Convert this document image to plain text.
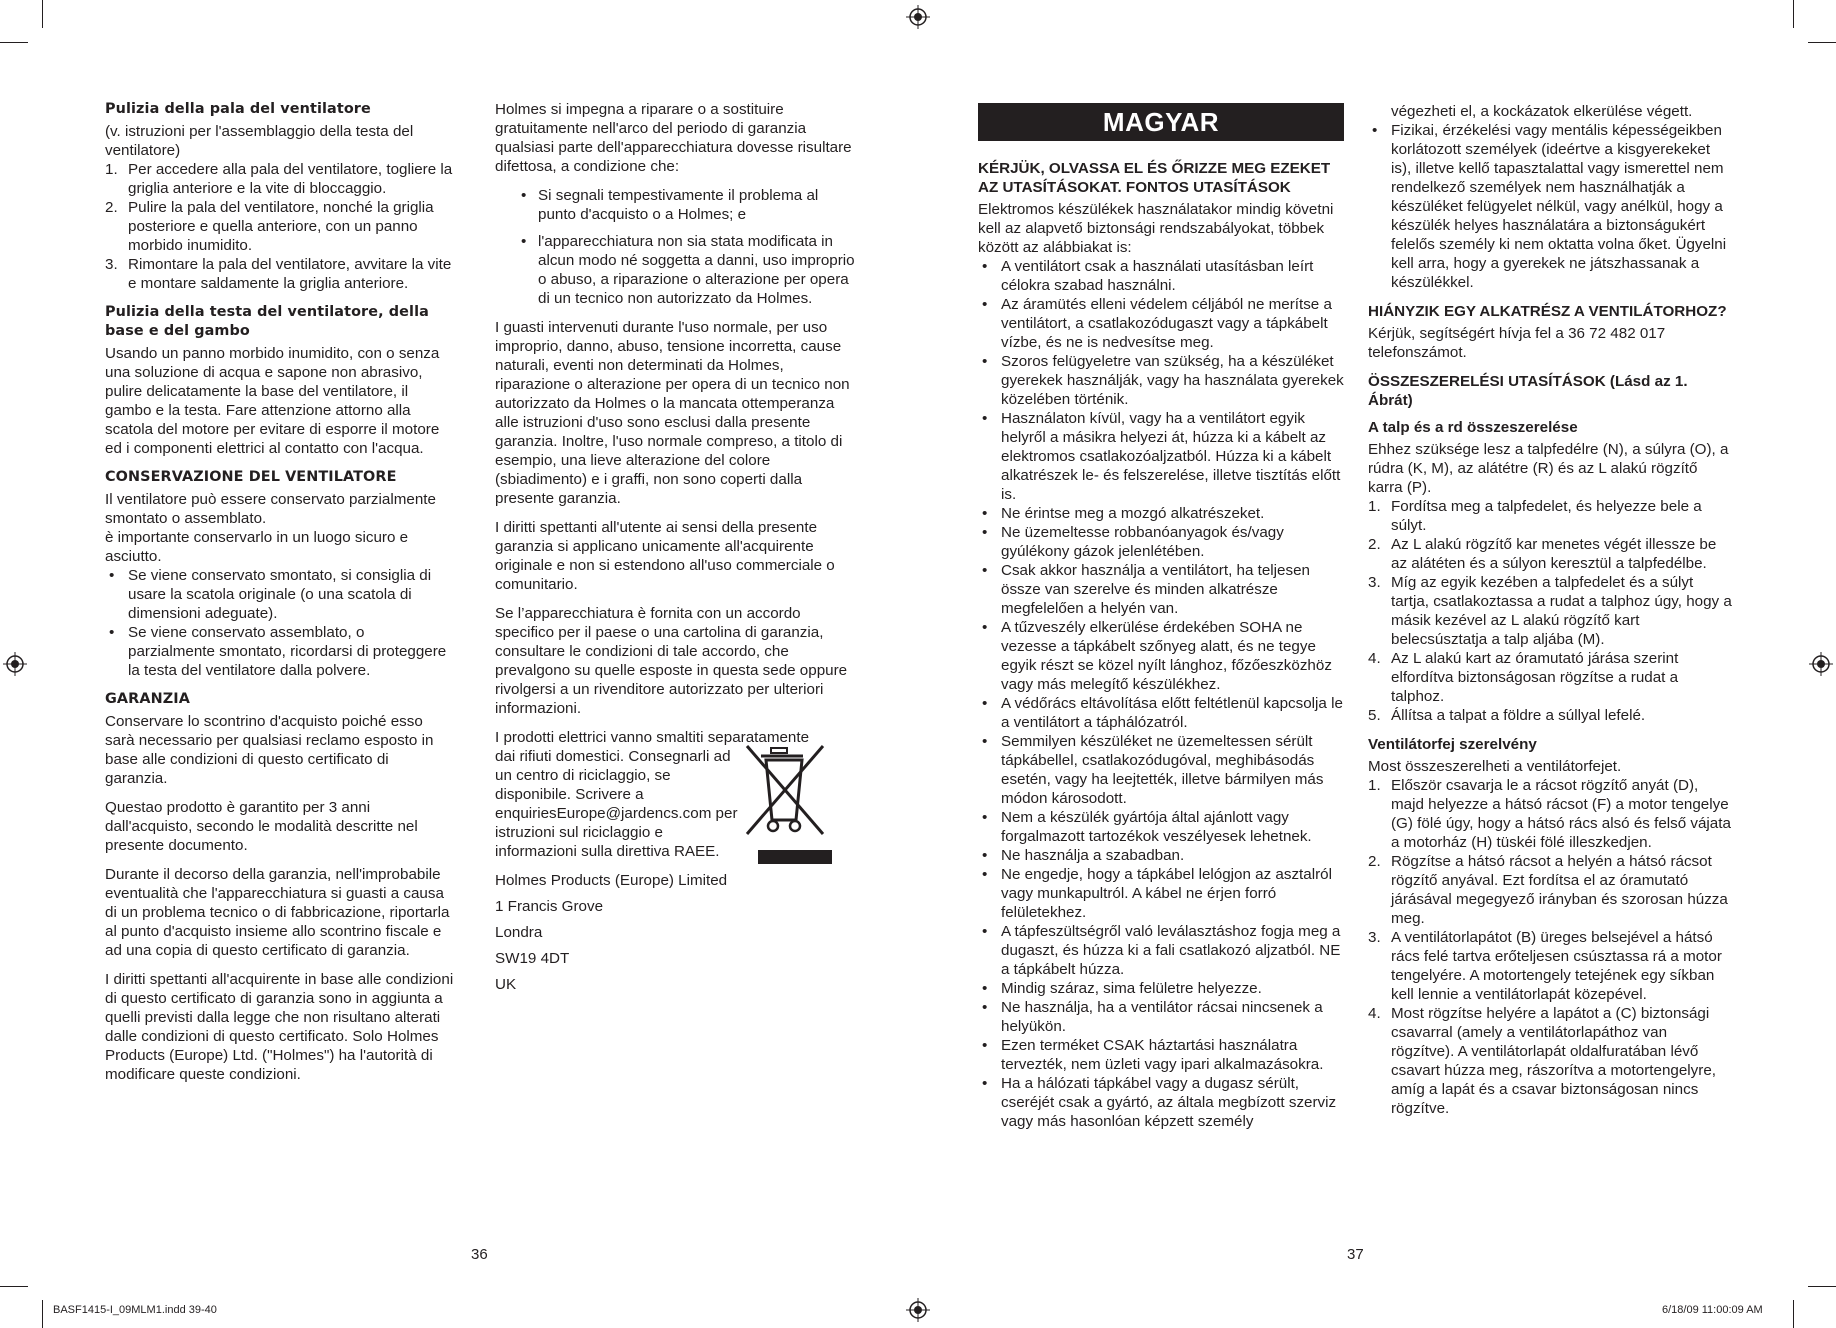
Pulizia della pala del ventilatore

(v. istruzioni per l'assemblaggio della testa del ventilatore)

1. Per accedere alla pala del ventilatore, togliere la griglia anteriore e la vite di bloccaggio.
2. Pulire la pala del ventilatore, nonché la griglia posteriore e quella anteriore, con un panno morbido inumidito.
3. Rimontare la pala del ventilatore, avvitare la vite e montare saldamente la griglia anteriore.
Pulizia della testa del ventilatore, della base e del gambo

Usando un panno morbido inumidito, con o senza una soluzione di acqua e sapone non abrasivo, pulire delicatamente la base del ventilatore, il gambo e la testa. Fare attenzione attorno alla scatola del motore per evitare di esporre il motore ed i componenti elettrici al contatto con l'acqua.

CONSERVAZIONE DEL VENTILATORE

Il ventilatore può essere conservato parzialmente smontato o assemblato.

è importante conservarlo in un luogo sicuro e asciutto.

• Se viene conservato smontato, si consiglia di usare la scatola originale (o una scatola di dimensioni adeguate).
• Se viene conservato assemblato, o parzialmente smontato, ricordarsi di proteggere la testa del ventilatore dalla polvere.
GARANZIA

Conservare lo scontrino d'acquisto poiché esso sarà necessario per qualsiasi reclamo esposto in base alle condizioni di questo certificato di garanzia.

Questao prodotto è garantito per 3 anni dall'acquisto, secondo le modalità descritte nel presente documento.

Durante il decorso della garanzia, nell'improbabile eventualità che l'apparecchiatura si guasti a causa di un problema tecnico o di fabbricazione, riportarla al punto d'acquisto insieme allo scontrino fiscale e ad una copia di questo certificato di garanzia.

I diritti spettanti all'acquirente in base alle condizioni di questo certificato di garanzia sono in aggiunta a quelli previsti dalla legge che non risultano alterati dalle condizioni di questo certificato. Solo Holmes Products (Europe) Ltd. ("Holmes") ha l'autorità di modificare queste condizioni.

Holmes si impegna a riparare o a sostituire gratuitamente nell'arco del periodo di garanzia qualsiasi parte dell'apparecchiatura dovesse risultare difettosa, a condizione che:

• Si segnali tempestivamente il problema al punto d'acquisto o a Holmes; e
• l'apparecchiatura non sia stata modificata in alcun modo né soggetta a danni, uso improprio o abuso, a riparazione o alterazione per opera di un tecnico non autorizzato da Holmes.

I guasti intervenuti durante l'uso normale, per uso improprio, danno, abuso, tensione incorretta, cause naturali, eventi non determinati da Holmes, riparazione o alterazione per opera di un tecnico non autorizzato da Holmes o la mancata ottemperanza alle istruzioni d'uso sono esclusi dalla presente garanzia. Inoltre, l'uso normale compreso, a titolo di esempio, una lieve alterazione del colore (sbiadimento) e i graffi, non sono coperti dalla presente garanzia.

I diritti spettanti all'utente ai sensi della presente garanzia si applicano unicamente all'acquirente originale e non si estendono all'uso commerciale o comunitario.

Se l’apparecchiatura è fornita con un accordo specifico per il paese o una cartolina di garanzia, consultare le condizioni di tale accordo, che prevalgono su quelle esposte in questa sede oppure rivolgersi a un rivenditore autorizzato per ulteriori informazioni.

I prodotti elettrici vanno smaltiti separatamente
dai rifiuti domestici. Consegnarli ad un centro di riciclaggio, se disponibile. Scrivere a enquiriesEurope@jardencs.com per istruzioni sul riciclaggio e informazioni sulla direttiva RAEE.

Holmes Products (Europe) Limited

1 Francis Grove

Londra

SW19 4DT

UK

MAGYAR
KÉRJÜK, OLVASSA EL ÉS ŐRIZZE MEG EZEKET AZ UTASÍTÁSOKAT. FONTOS UTASÍTÁSOK

Elektromos készülékek használatakor mindig követni kell az alapvető biztonsági rendszabályokat, többek között az alábbiakat is:

• A ventilátort csak a használati utasításban leírt célokra szabad használni.
• Az áramütés elleni védelem céljából ne merítse a ventilátort, a csatlakozódugaszt vagy a tápkábelt vízbe, és ne is nedvesítse meg.
• Szoros felügyeletre van szükség, ha a készüléket gyerekek használják, vagy ha használata gyerekek közelében történik.
• Használaton kívül, vagy ha a ventilátort egyik helyről a másikra helyezi át, húzza ki a kábelt az elektromos csatlakozóaljzatból. Húzza ki a kábelt alkatrészek le- és felszerelése, illetve tisztítás előtt is.
• Ne érintse meg a mozgó alkatrészeket.
• Ne üzemeltesse robbanóanyagok és/vagy gyúlékony gázok jelenlétében.
• Csak akkor használja a ventilátort, ha teljesen össze van szerelve és minden alkatrésze megfelelően a helyén van.
• A tűzveszély elkerülése érdekében SOHA ne vezesse a tápkábelt szőnyeg alatt, és ne tegye egyik részt se közel nyílt lánghoz, főzőeszközhöz vagy más melegítő készülékhez.
• A védőrács eltávolítása előtt feltétlenül kapcsolja le a ventilátort a táphálózatról.
• Semmilyen készüléket ne üzemeltessen sérült tápkábellel, csatlakozódugóval, meghibásodás esetén, vagy ha leejtették, illetve bármilyen más módon károsodott.
• Nem a készülék gyártója által ajánlott vagy forgalmazott tartozékok veszélyesek lehetnek.
• Ne használja a szabadban.
• Ne engedje, hogy a tápkábel lelógjon az asztalról vagy munkapultról. A kábel ne érjen forró felületekhez.
• A tápfeszültségről való leválasztáshoz fogja meg a dugaszt, és húzza ki a fali csatlakozó aljzatból. NE a tápkábelt húzza.
• Mindig száraz, sima felületre helyezze.
• Ne használja, ha a ventilátor rácsai nincsenek a helyükön.
• Ezen terméket CSAK háztartási használatra tervezték, nem üzleti vagy ipari alkalmazásokra.
• Ha a hálózati tápkábel vagy a dugasz sérült, cseréjét csak a gyártó, az általa megbízott szerviz vagy más hasonlóan képzett személy
végezheti el, a kockázatok elkerülése végett.
• Fizikai, érzékelési vagy mentális képességeikben korlátozott személyek (ideértve a kisgyerekeket is), illetve kellő tapasztalattal vagy ismerettel nem rendelkező személyek nem használhatják a készüléket felügyelet nélkül, vagy anélkül, hogy a készülék helyes használatára a biztonságukért felelős személy ki nem oktatta volna őket. Ügyelni kell arra, hogy a gyerekek ne játszhassanak a készülékkel.
HIÁNYZIK EGY ALKATRÉSZ A VENTILÁTORHOZ?

Kérjük, segítségért hívja fel a 36 72 482 017 telefonszámot.

ÖSSZESZERELÉSI UTASÍTÁSOK (Lásd az 1. Ábrát)
A talp és a rd összeszerelése

Ehhez szüksége lesz a talpfedélre (N), a súlyra (O), a rúdra (K, M), az alátétre (R) és az L alakú rögzítő karra (P).

1. Fordítsa meg a talpfedelet, és helyezze bele a súlyt.
2. Az L alakú rögzítő kar menetes végét illessze be az alátéten és a súlyon keresztül a talpfedélbe.
3. Míg az egyik kezében a talpfedelet és a súlyt tartja, csatlakoztassa a rudat a talphoz úgy, hogy a másik kezével az L alakú rögzítő kart belecsúsztatja a talp aljába (M).
4. Az L alakú kart az óramutató járása szerint elfordítva biztonságosan rögzítse a rudat a talphoz.
5. Állítsa a talpat a földre a súllyal lefelé.
Ventilátorfej szerelvény

Most összeszerelheti a ventilátorfejet.

1. Először csavarja le a rácsot rögzítő anyát (D), majd helyezze a hátsó rácsot (F) a motor tengelye (G) fölé úgy, hogy a hátsó rács alsó és felső vájata a motorház (H) tüskéi fölé illeszkedjen.
2. Rögzítse a hátsó rácsot a helyén a hátsó rácsot rögzítő anyával. Ezt fordítsa el az óramutató járásával megegyező irányban és szorosan húzza meg.
3. A ventilátorlapátot (B) üreges belsejével a hátsó rács felé tartva erőteljesen csúsztassa rá a motor tengelyére. A motortengely tetejének egy síkban kell lennie a ventilátorlapát közepével.
4. Most rögzítse helyére a lapátot a (C) biztonsági csavarral (amely a ventilátorlapáthoz van rögzítve). A ventilátorlapát oldalfuratában lévő csavart húzza meg, rászorítva a motortengelyre, amíg a lapát és a csavar biztonságosan nincs rögzítve.
36	37
BASF1415-I_09MLM1.indd 39-40	6/18/09 11:00:09 AM
